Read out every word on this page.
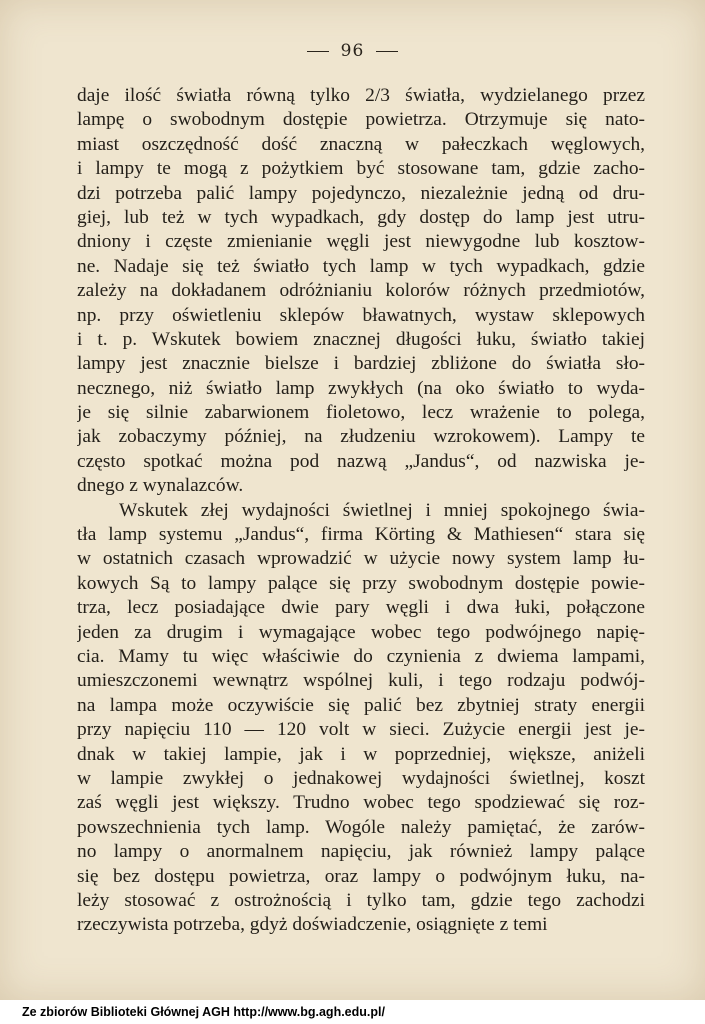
96
daje ilość światła równą tylko 2/3 światła, wydzielanego przez
lampę o swobodnym dostępie powietrza. Otrzymuje się nato-
miast oszczędność dość znaczną w pałeczkach węglowych,
i lampy te mogą z pożytkiem być stosowane tam, gdzie zacho-
dzi potrzeba palić lampy pojedynczo, niezależnie jedną od dru-
giej, lub też w tych wypadkach, gdy dostęp do lamp jest utru-
dniony i częste zmienianie węgli jest niewygodne lub kosztow-
ne. Nadaje się też światło tych lamp w tych wypadkach, gdzie
zależy na dokładanem odróżnianiu kolorów różnych przedmiotów,
np. przy oświetleniu sklepów bławatnych, wystaw sklepowych
i t. p. Wskutek bowiem znacznej długości łuku, światło takiej
lampy jest znacznie bielsze i bardziej zbliżone do światła sło-
necznego, niż światło lamp zwykłych (na oko światło to wyda-
je się silnie zabarwionem fioletowo, lecz wrażenie to polega,
jak zobaczymy później, na złudzeniu wzrokowem). Lampy te
często spotkać można pod nazwą „Jandus“, od nazwiska je-
dnego z wynalazców.
Wskutek złej wydajności świetlnej i mniej spokojnego świa-
tła lamp systemu „Jandus“, firma Körting & Mathiesen“ stara się
w ostatnich czasach wprowadzić w użycie nowy system lamp łu-
kowych Są to lampy palące się przy swobodnym dostępie powie-
trza, lecz posiadające dwie pary węgli i dwa łuki, połączone
jeden za drugim i wymagające wobec tego podwójnego napię-
cia. Mamy tu więc właściwie do czynienia z dwiema lampami,
umieszczonemi wewnątrz wspólnej kuli, i tego rodzaju podwój-
na lampa może oczywiście się palić bez zbytniej straty energii
przy napięciu 110 — 120 volt w sieci. Zużycie energii jest je-
dnak w takiej lampie, jak i w poprzedniej, większe, aniżeli
w lampie zwykłej o jednakowej wydajności świetlnej, koszt
zaś węgli jest większy. Trudno wobec tego spodziewać się roz-
powszechnienia tych lamp. Wogóle należy pamiętać, że zarów-
no lampy o anormalnem napięciu, jak również lampy palące
się bez dostępu powietrza, oraz lampy o podwójnym łuku, na-
leży stosować z ostrożnością i tylko tam, gdzie tego zachodzi
rzeczywista potrzeba, gdyż doświadczenie, osiągnięte z temi
Ze zbiorów Biblioteki Głównej AGH http://www.bg.agh.edu.pl/
